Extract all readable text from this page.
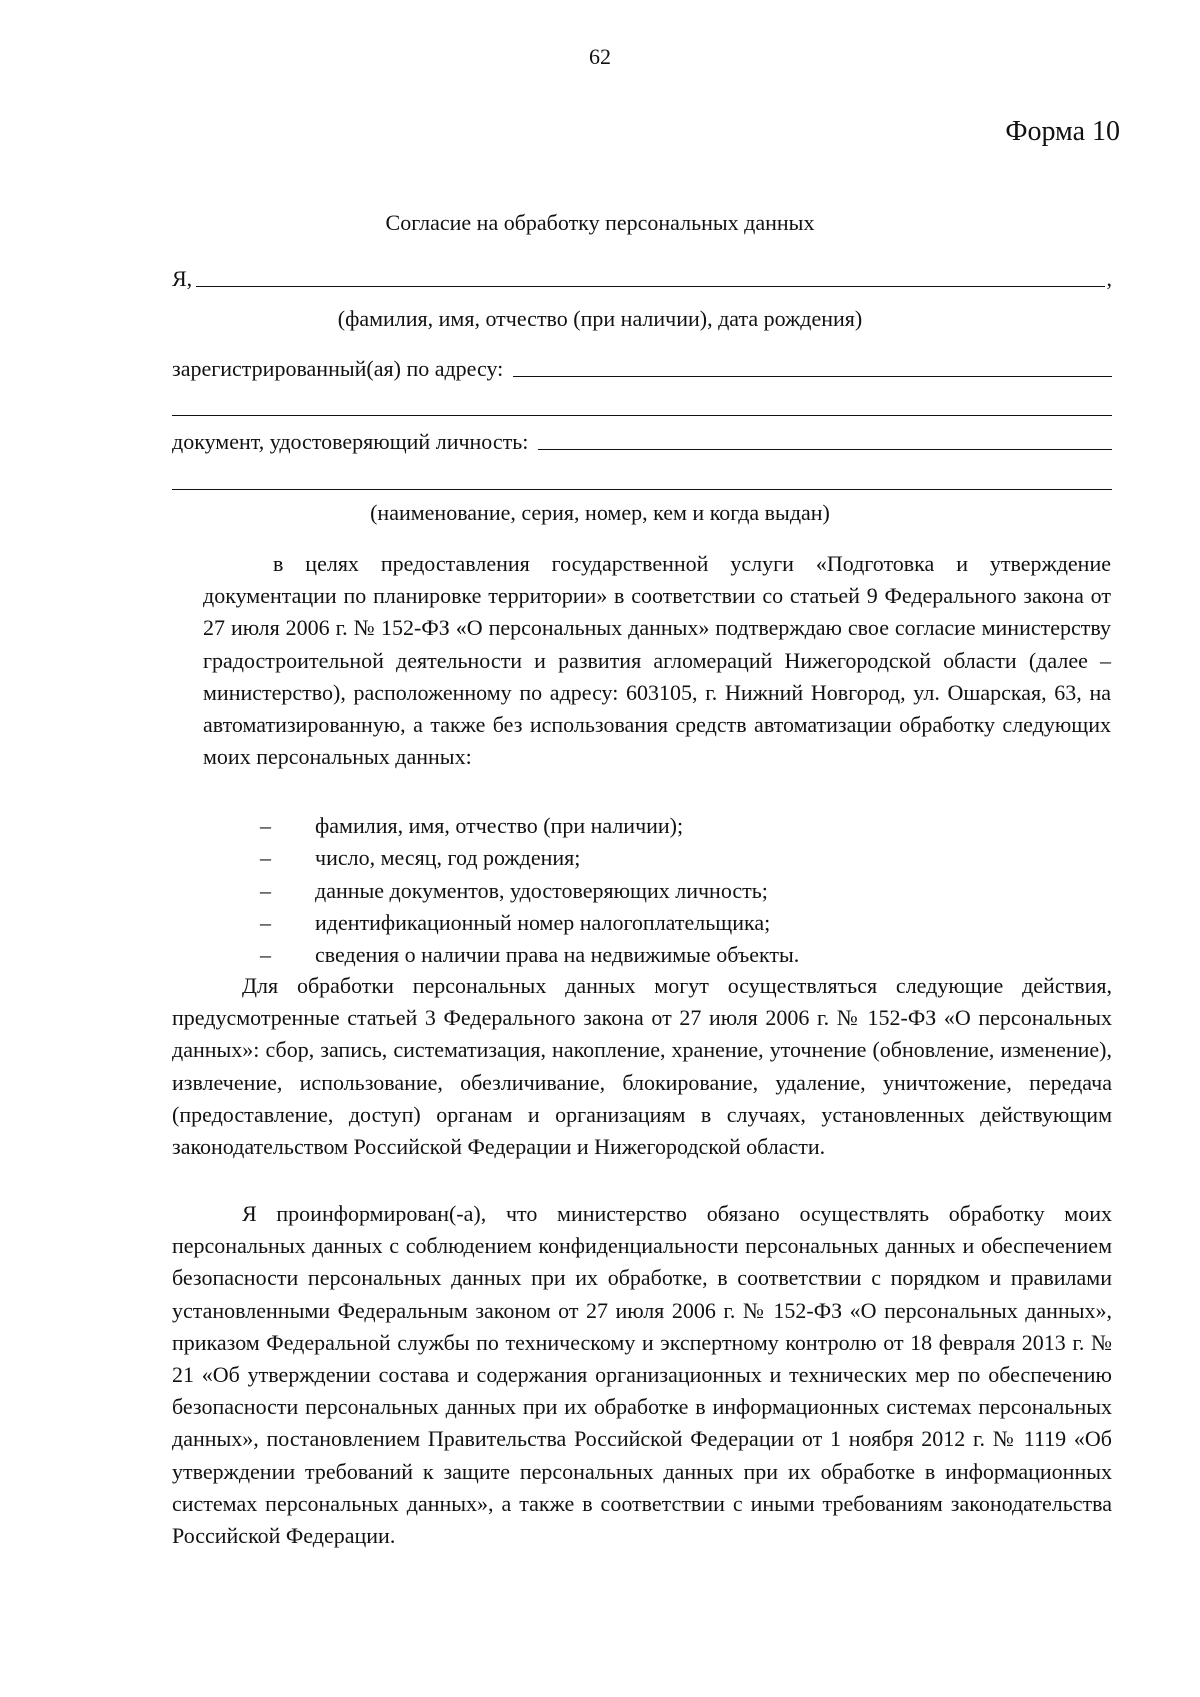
62
Форма 10
Согласие на обработку персональных данных
Я,	,
(фамилия, имя, отчество (при наличии), дата рождения)
зарегистрированный(ая) по адресу:
документ, удостоверяющий личность:
(наименование, серия, номер, кем и когда выдан)

в целях предоставления государственной услуги «Подготовка и утверждение документации по планировке территории» в соответствии со статьей 9 Федерального закона от 27 июля 2006 г. № 152-ФЗ «О персональных данных» подтверждаю свое согласие министерству градостроительной деятельности и развития агломераций Нижегородской области (далее – министерство), расположенному по адресу: 603105, г. Нижний Новгород, ул. Ошарская, 63, на автоматизированную, а также без использования средств автоматизации обработку следующих моих персональных данных:

– фамилия, имя, отчество (при наличии);
– число, месяц, год рождения;
– данные документов, удостоверяющих личность;
– идентификационный номер налогоплательщика;
– сведения о наличии права на недвижимые объекты.

Для обработки персональных данных могут осуществляться следующие действия, предусмотренные статьей 3 Федерального закона от 27 июля 2006 г. № 152-ФЗ «О персональных данных»: сбор, запись, систематизация, накопление, хранение, уточнение (обновление, изменение), извлечение, использование, обезличивание, блокирование, удаление, уничтожение, передача (предоставление, доступ) органам и организациям в случаях, установленных действующим законодательством Российской Федерации и Нижегородской области.

Я проинформирован(-а), что министерство обязано осуществлять обработку моих персональных данных с соблюдением конфиденциальности персональных данных и обеспечением безопасности персональных данных при их обработке, в соответствии с порядком и правилами установленными Федеральным законом от 27 июля 2006 г. № 152-ФЗ «О персональных данных», приказом Федеральной службы по техническому и экспертному контролю от 18 февраля 2013 г. № 21 «Об утверждении состава и содержания организационных и технических мер по обеспечению безопасности персональных данных при их обработке в информационных системах персональных данных», постановлением Правительства Российской Федерации от 1 ноября 2012 г. № 1119 «Об утверждении требований к защите персональных данных при их обработке в информационных системах персональных данных», а также в соответствии с иными требованиям законодательства Российской Федерации.
